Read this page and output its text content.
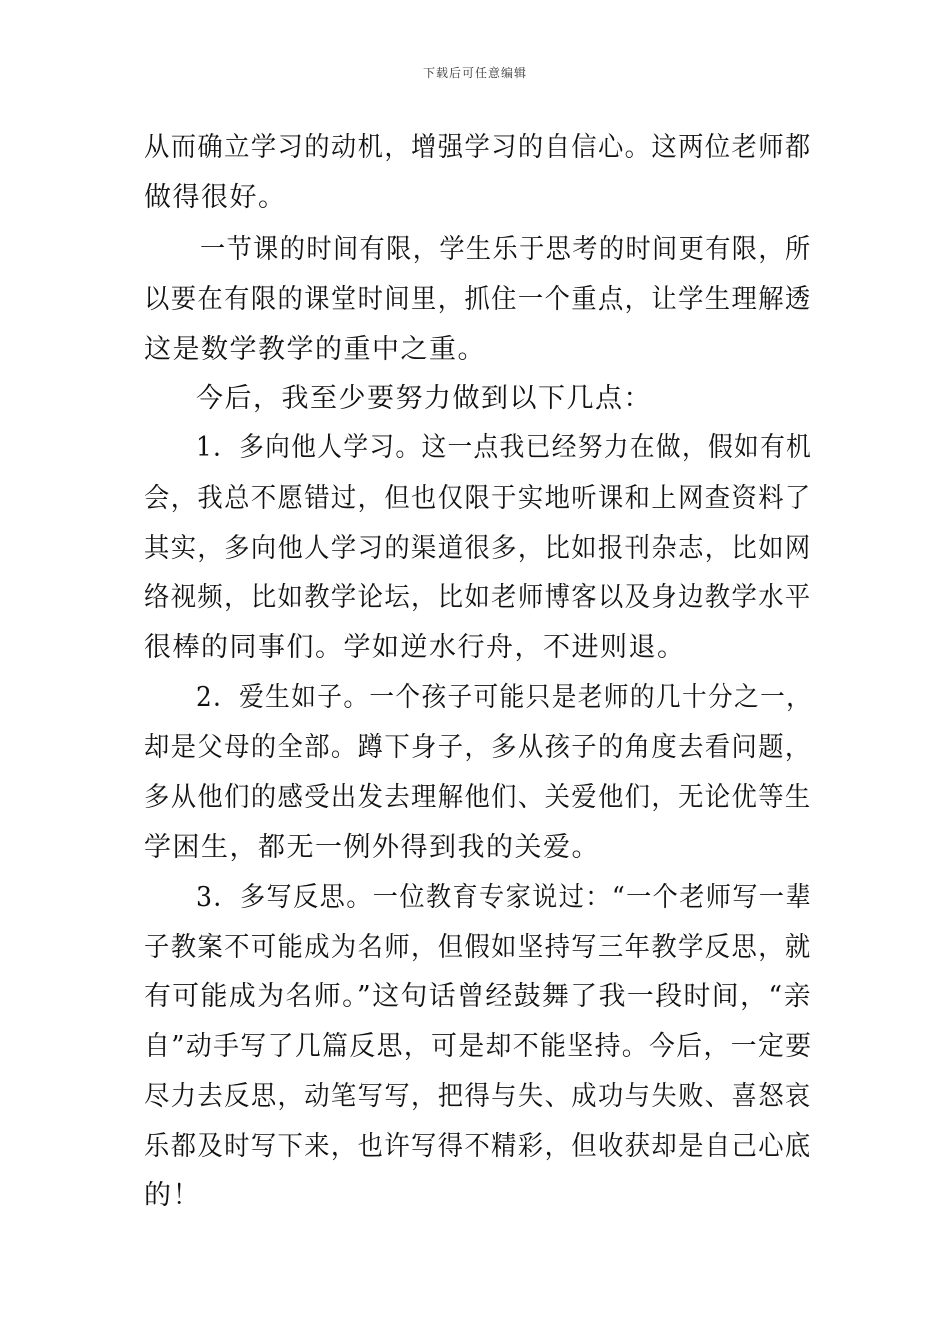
下载后可任意编辑
从而确立学习的动机，增强学习的自信心。这两位老师都
做得很好。
一节课的时间有限，学生乐于思考的时间更有限，所
以要在有限的课堂时间里，抓住一个重点，让学生理解透
这是数学教学的重中之重。
今后，我至少要努力做到以下几点：
1．多向他人学习。这一点我已经努力在做，假如有机
会，我总不愿错过，但也仅限于实地听课和上网查资料了
其实，多向他人学习的渠道很多，比如报刊杂志，比如网
络视频，比如教学论坛，比如老师博客以及身边教学水平
很棒的同事们。学如逆水行舟，不进则退。
2．爱生如子。一个孩子可能只是老师的几十分之一，
却是父母的全部。蹲下身子，多从孩子的角度去看问题，
多从他们的感受出发去理解他们、关爱他们，无论优等生
学困生，都无一例外得到我的关爱。
3．多写反思。一位教育专家说过：“一个老师写一辈
子教案不可能成为名师，但假如坚持写三年教学反思，就
有可能成为名师。”这句话曾经鼓舞了我一段时间，“亲
自”动手写了几篇反思，可是却不能坚持。今后，一定要
尽力去反思，动笔写写，把得与失、成功与失败、喜怒哀
乐都及时写下来，也许写得不精彩，但收获却是自己心底
的！
